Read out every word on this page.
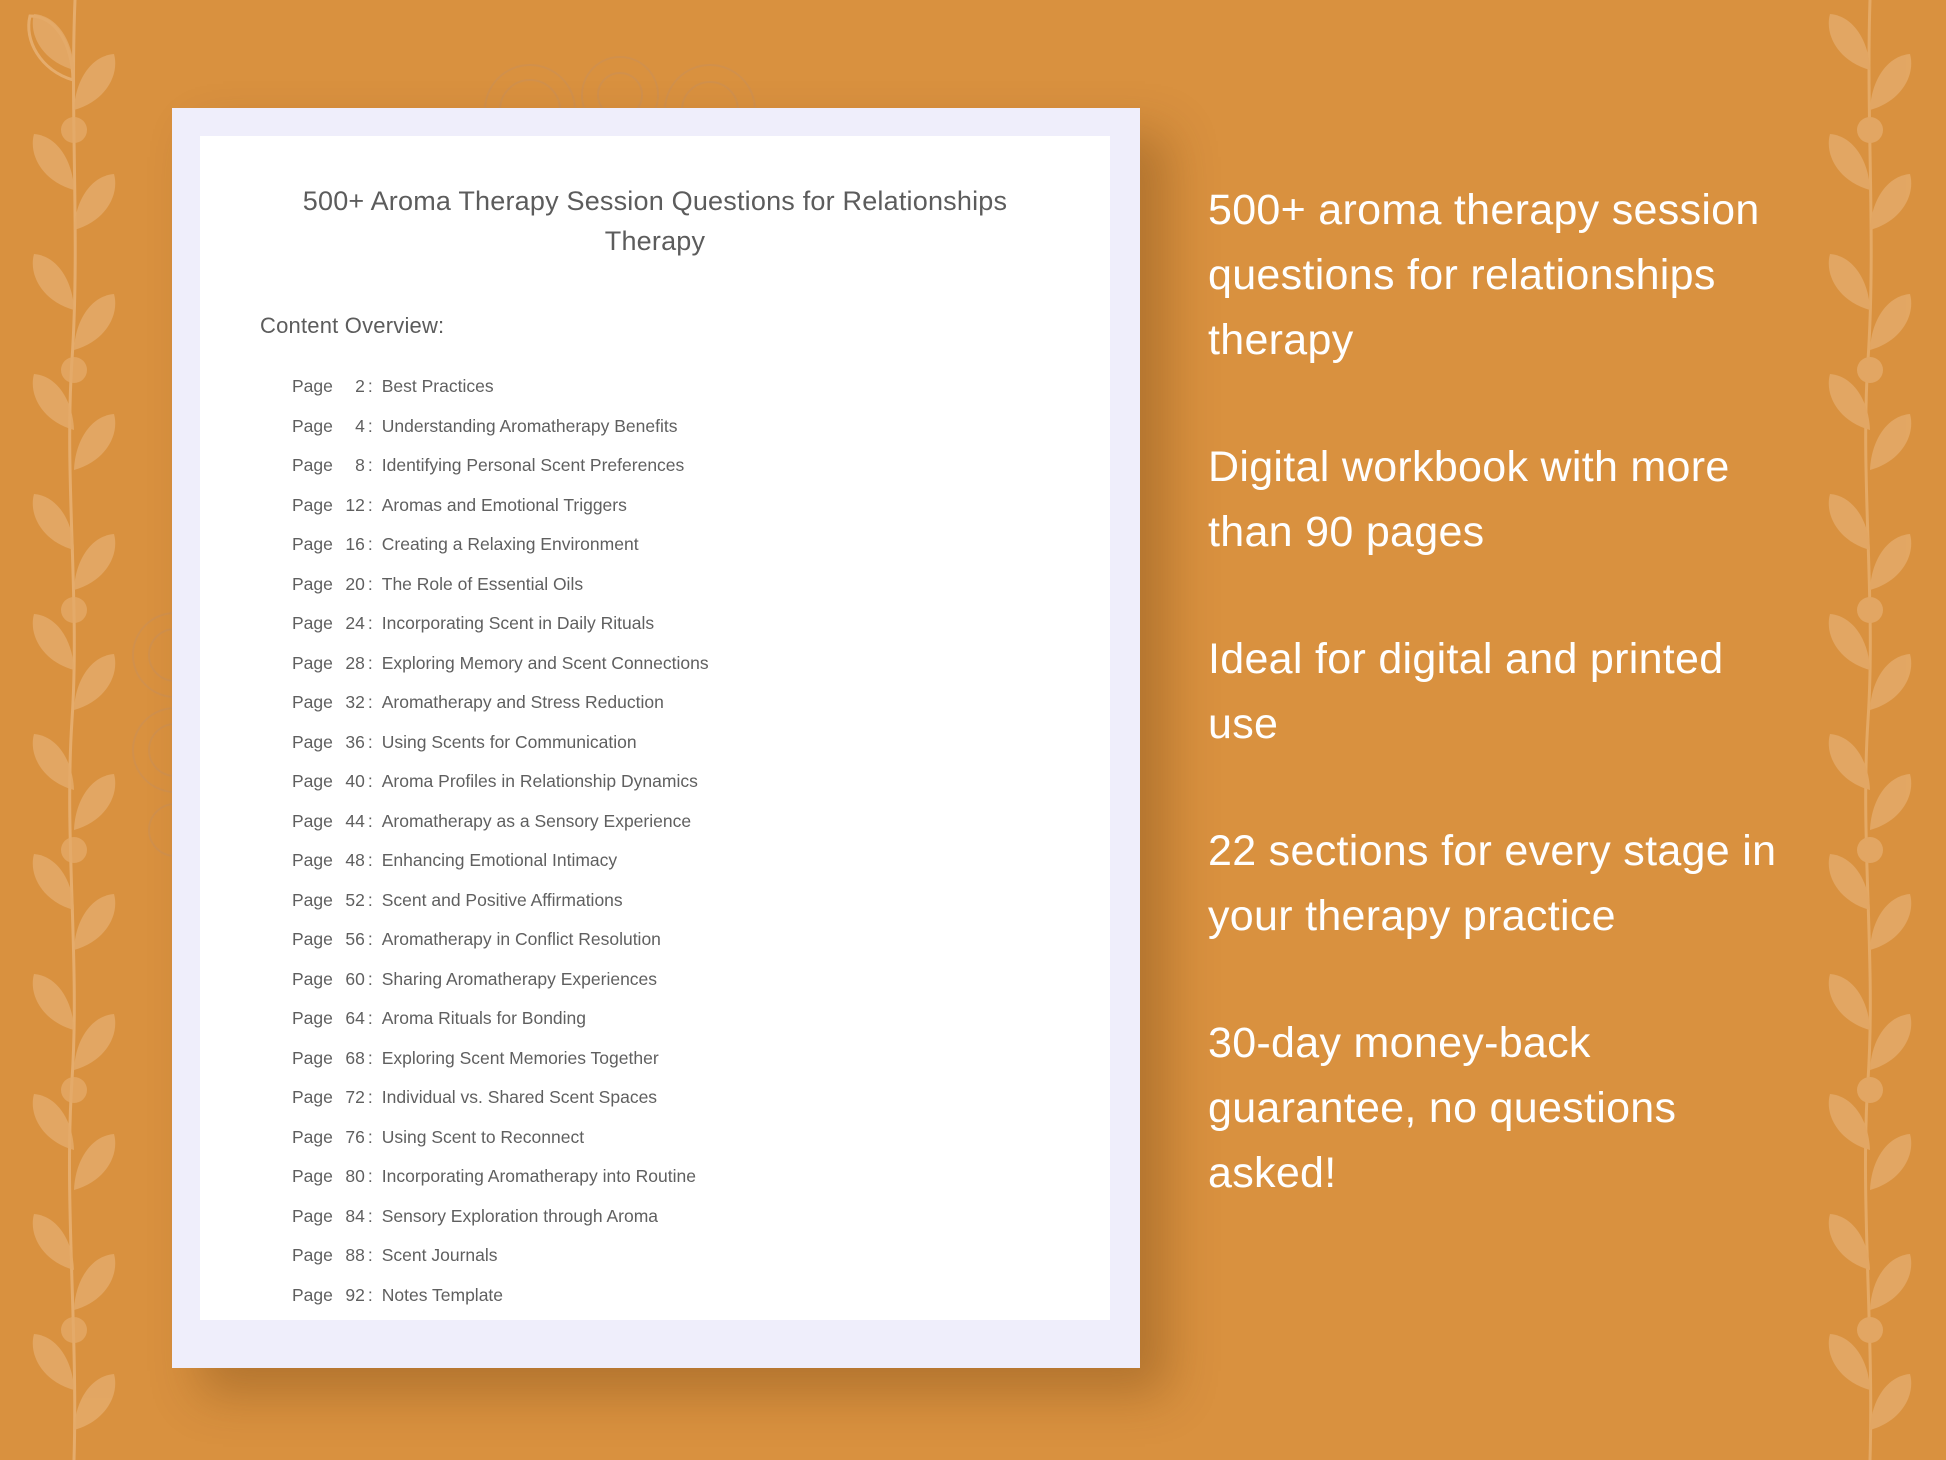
500+ Aroma Therapy Session Questions for Relationships Therapy
Content Overview:
Page	2 : Best Practices
Page	4 : Understanding Aromatherapy Benefits
Page	8 : Identifying Personal Scent Preferences
Page 12 : Aromas and Emotional Triggers
Page 16 : Creating a Relaxing Environment
Page 20 : The Role of Essential Oils
Page 24 : Incorporating Scent in Daily Rituals
Page 28 : Exploring Memory and Scent Connections
Page 32 : Aromatherapy and Stress Reduction
Page 36 : Using Scents for Communication
Page 40 : Aroma Profiles in Relationship Dynamics
Page 44 : Aromatherapy as a Sensory Experience
Page 48 : Enhancing Emotional Intimacy
Page 52 : Scent and Positive Affirmations
Page 56 : Aromatherapy in Conflict Resolution
Page 60 : Sharing Aromatherapy Experiences
Page 64 : Aroma Rituals for Bonding
Page 68 : Exploring Scent Memories Together
Page 72 : Individual vs. Shared Scent Spaces
Page 76 : Using Scent to Reconnect
Page 80 : Incorporating Aromatherapy into Routine
Page 84 : Sensory Exploration through Aroma
Page 88 : Scent Journals
Page 92 : Notes Template

500+ aroma therapy session questions for relationships therapy

Digital workbook with more than 90 pages

Ideal for digital and printed use

22 sections for every stage in your therapy practice

30-day money-back guarantee, no questions asked!
